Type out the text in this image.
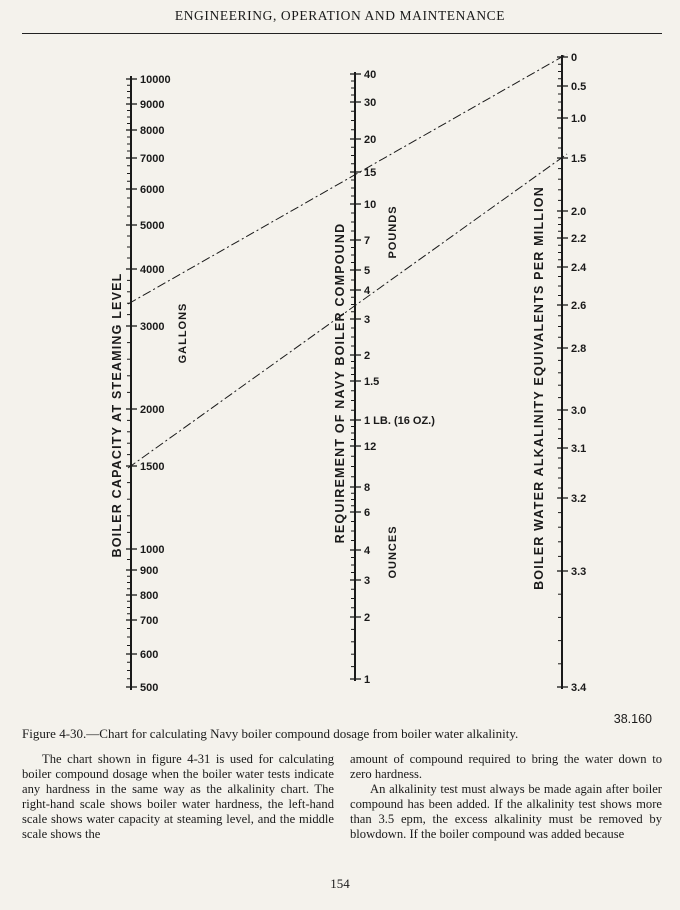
ENGINEERING, OPERATION AND MAINTENANCE
10000
9000
8000
7000
6000
5000
4000
3000
2000
1500
1000
900
800
700
600
500
40
30
20
15
10
7
5
4
3
2
1.5
1 LB. (16 OZ.)
12
8
6
4
3
2
1
0
0.5
1.0
1.5
2.0
2.2
2.4
2.6
2.8
3.0
3.1
3.2
3.3
3.4
BOILER CAPACITY AT STEAMING LEVEL	GALLONS	REQUIREMENT OF NAVY BOILER COMPOUND	POUNDS
OUNCES	BOILER WATER ALKALINITY EQUIVALENTS PER MILLION
38.160
Figure 4-30.—Chart for calculating Navy boiler compound dosage from boiler water alkalinity.
The chart shown in figure 4-31 is used for calculating boiler compound dosage when the boiler water tests indicate any hardness in the same way as the alkalinity chart. The right-hand scale shows boiler water hardness, the left-hand scale shows water capacity at steaming level, and the middle scale shows the

amount of compound required to bring the water down to zero hardness.

An alkalinity test must always be made again after boiler compound has been added. If the alkalinity test shows more than 3.5 epm, the excess alkalinity must be removed by blowdown. If the boiler compound was added because

154
